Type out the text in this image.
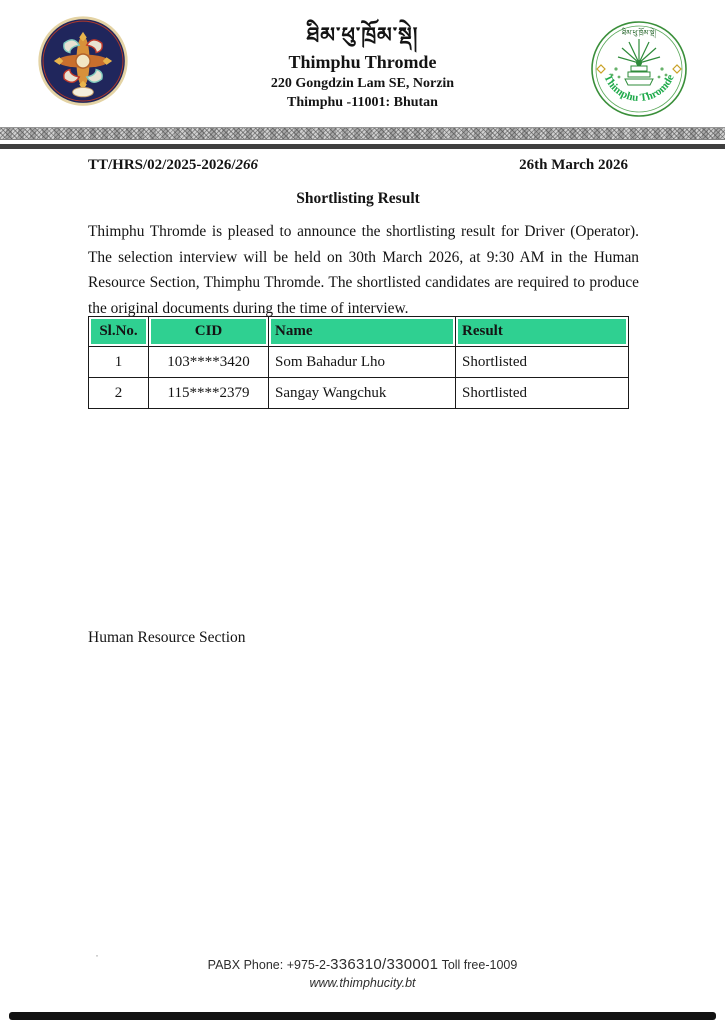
ཐིམ་ཕུ་ཁྲོམ་སྡེ།
Thimphu Thromde
220 Gongdzin Lam SE, Norzin
Thimphu -11001: Bhutan
ཐིམ་ཕུ་ཁྲོམ་སྡེ།
Thimphu Thromde
TT/HRS/02/2025-2026/266	26th March 2026
Shortlisting Result
Thimphu Thromde is pleased to announce the shortlisting result for Driver (Operator). The selection interview will be held on 30th March 2026, at 9:30 AM in the Human Resource Section, Thimphu Thromde. The shortlisted candidates are required to produce the original documents during the time of interview.
Sl.No.	CID	Name	Result
1	103****3420	Som Bahadur Lho	Shortlisted
2	115****2379	Sangay Wangchuk	Shortlisted
Human Resource Section
·
PABX Phone: +975-2-336310/330001 Toll free-1009
www.thimphucity.bt
